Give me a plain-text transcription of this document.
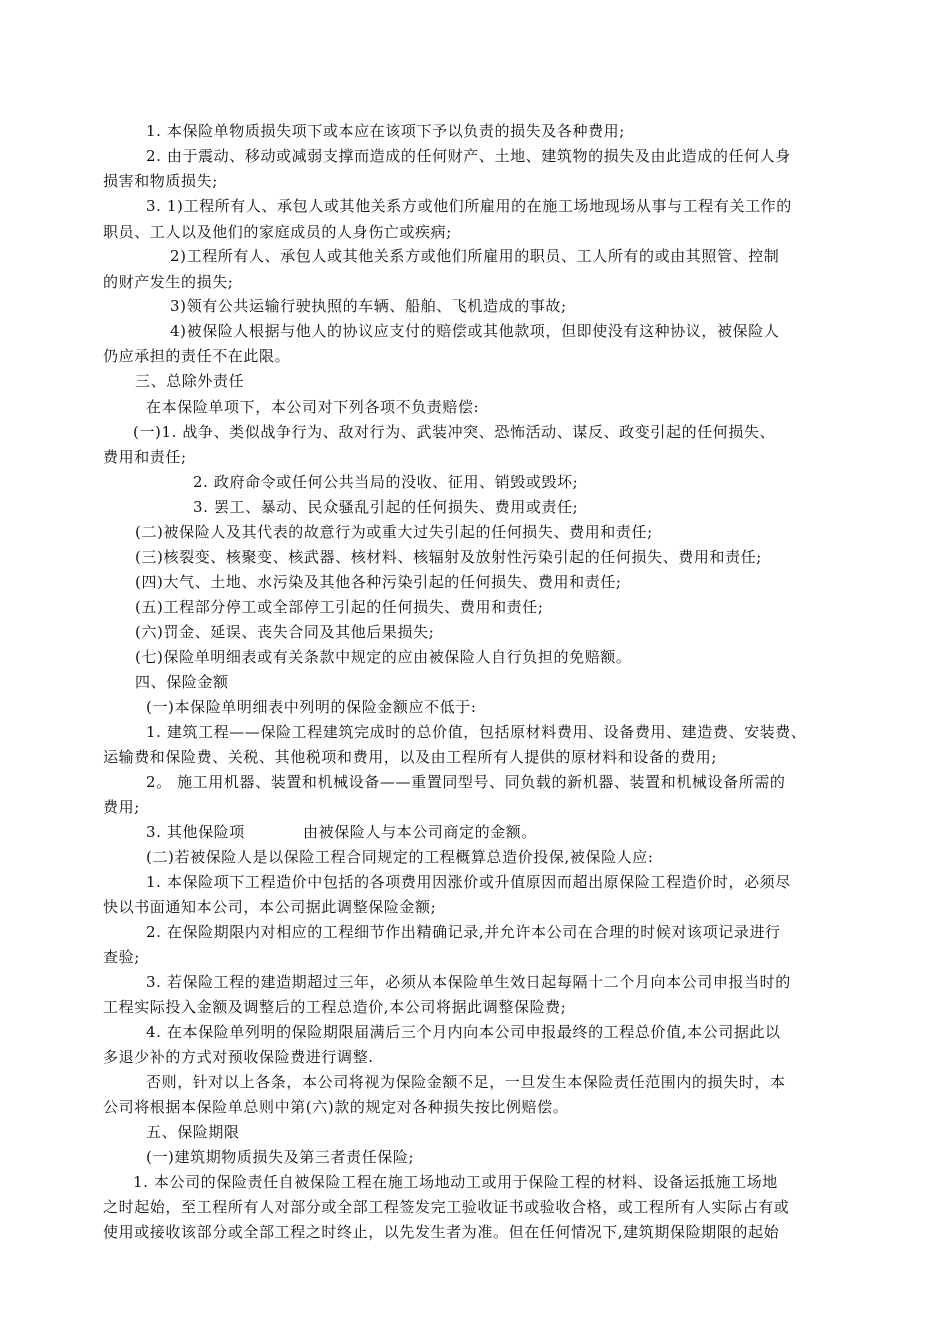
1. 本保险单物质损失项下或本应在该项下予以负责的损失及各种费用;
2. 由于震动、移动或减弱支撑而造成的任何财产、土地、建筑物的损失及由此造成的任何人身
损害和物质损失;
3. 1)工程所有人、承包人或其他关系方或他们所雇用的在施工场地现场从事与工程有关工作的
职员、工人以及他们的家庭成员的人身伤亡或疾病;
2)工程所有人、承包人或其他关系方或他们所雇用的职员、工人所有的或由其照管、控制
的财产发生的损失;
3)领有公共运输行驶执照的车辆、船舶、飞机造成的事故;
4)被保险人根据与他人的协议应支付的赔偿或其他款项，但即使没有这种协议，被保险人
仍应承担的责任不在此限。
三、总除外责任
在本保险单项下，本公司对下列各项不负责赔偿:
(一)1. 战争、类似战争行为、敌对行为、武装冲突、恐怖活动、谋反、政变引起的任何损失、
费用和责任;
2. 政府命令或任何公共当局的没收、征用、销毁或毁坏;
3. 罢工、暴动、民众骚乱引起的任何损失、费用或责任;
(二)被保险人及其代表的故意行为或重大过失引起的任何损失、费用和责任;
(三)核裂变、核聚变、核武器、核材料、核辐射及放射性污染引起的任何损失、费用和责任;
(四)大气、土地、水污染及其他各种污染引起的任何损失、费用和责任;
(五)工程部分停工或全部停工引起的任何损失、费用和责任;
(六)罚金、延误、丧失合同及其他后果损失;
(七)保险单明细表或有关条款中规定的应由被保险人自行负担的免赔额。
四、保险金额
(一)本保险单明细表中列明的保险金额应不低于:
1. 建筑工程——保险工程建筑完成时的总价值，包括原材料费用、设备费用、建造费、安装费、
运输费和保险费、关税、其他税项和费用，以及由工程所有人提供的原材料和设备的费用;
2。 施工用机器、装置和机械设备——重置同型号、同负载的新机器、装置和机械设备所需的
费用;
3. 其他保险项	由被保险人与本公司商定的金额。
(二)若被保险人是以保险工程合同规定的工程概算总造价投保,被保险人应:
1. 本保险项下工程造价中包括的各项费用因涨价或升值原因而超出原保险工程造价时，必须尽
快以书面通知本公司，本公司据此调整保险金额;
2. 在保险期限内对相应的工程细节作出精确记录,并允许本公司在合理的时候对该项记录进行
查验;
3. 若保险工程的建造期超过三年，必须从本保险单生效日起每隔十二个月向本公司申报当时的
工程实际投入金额及调整后的工程总造价,本公司将据此调整保险费;
4. 在本保险单列明的保险期限届满后三个月内向本公司申报最终的工程总价值,本公司据此以
多退少补的方式对预收保险费进行调整.
否则，针对以上各条，本公司将视为保险金额不足，一旦发生本保险责任范围内的损失时，本
公司将根据本保险单总则中第(六)款的规定对各种损失按比例赔偿。
五、保险期限
(一)建筑期物质损失及第三者责任保险;
1. 本公司的保险责任自被保险工程在施工场地动工或用于保险工程的材料、设备运抵施工场地
之时起始，至工程所有人对部分或全部工程签发完工验收证书或验收合格，或工程所有人实际占有或
使用或接收该部分或全部工程之时终止，以先发生者为准。但在任何情况下,建筑期保险期限的起始
